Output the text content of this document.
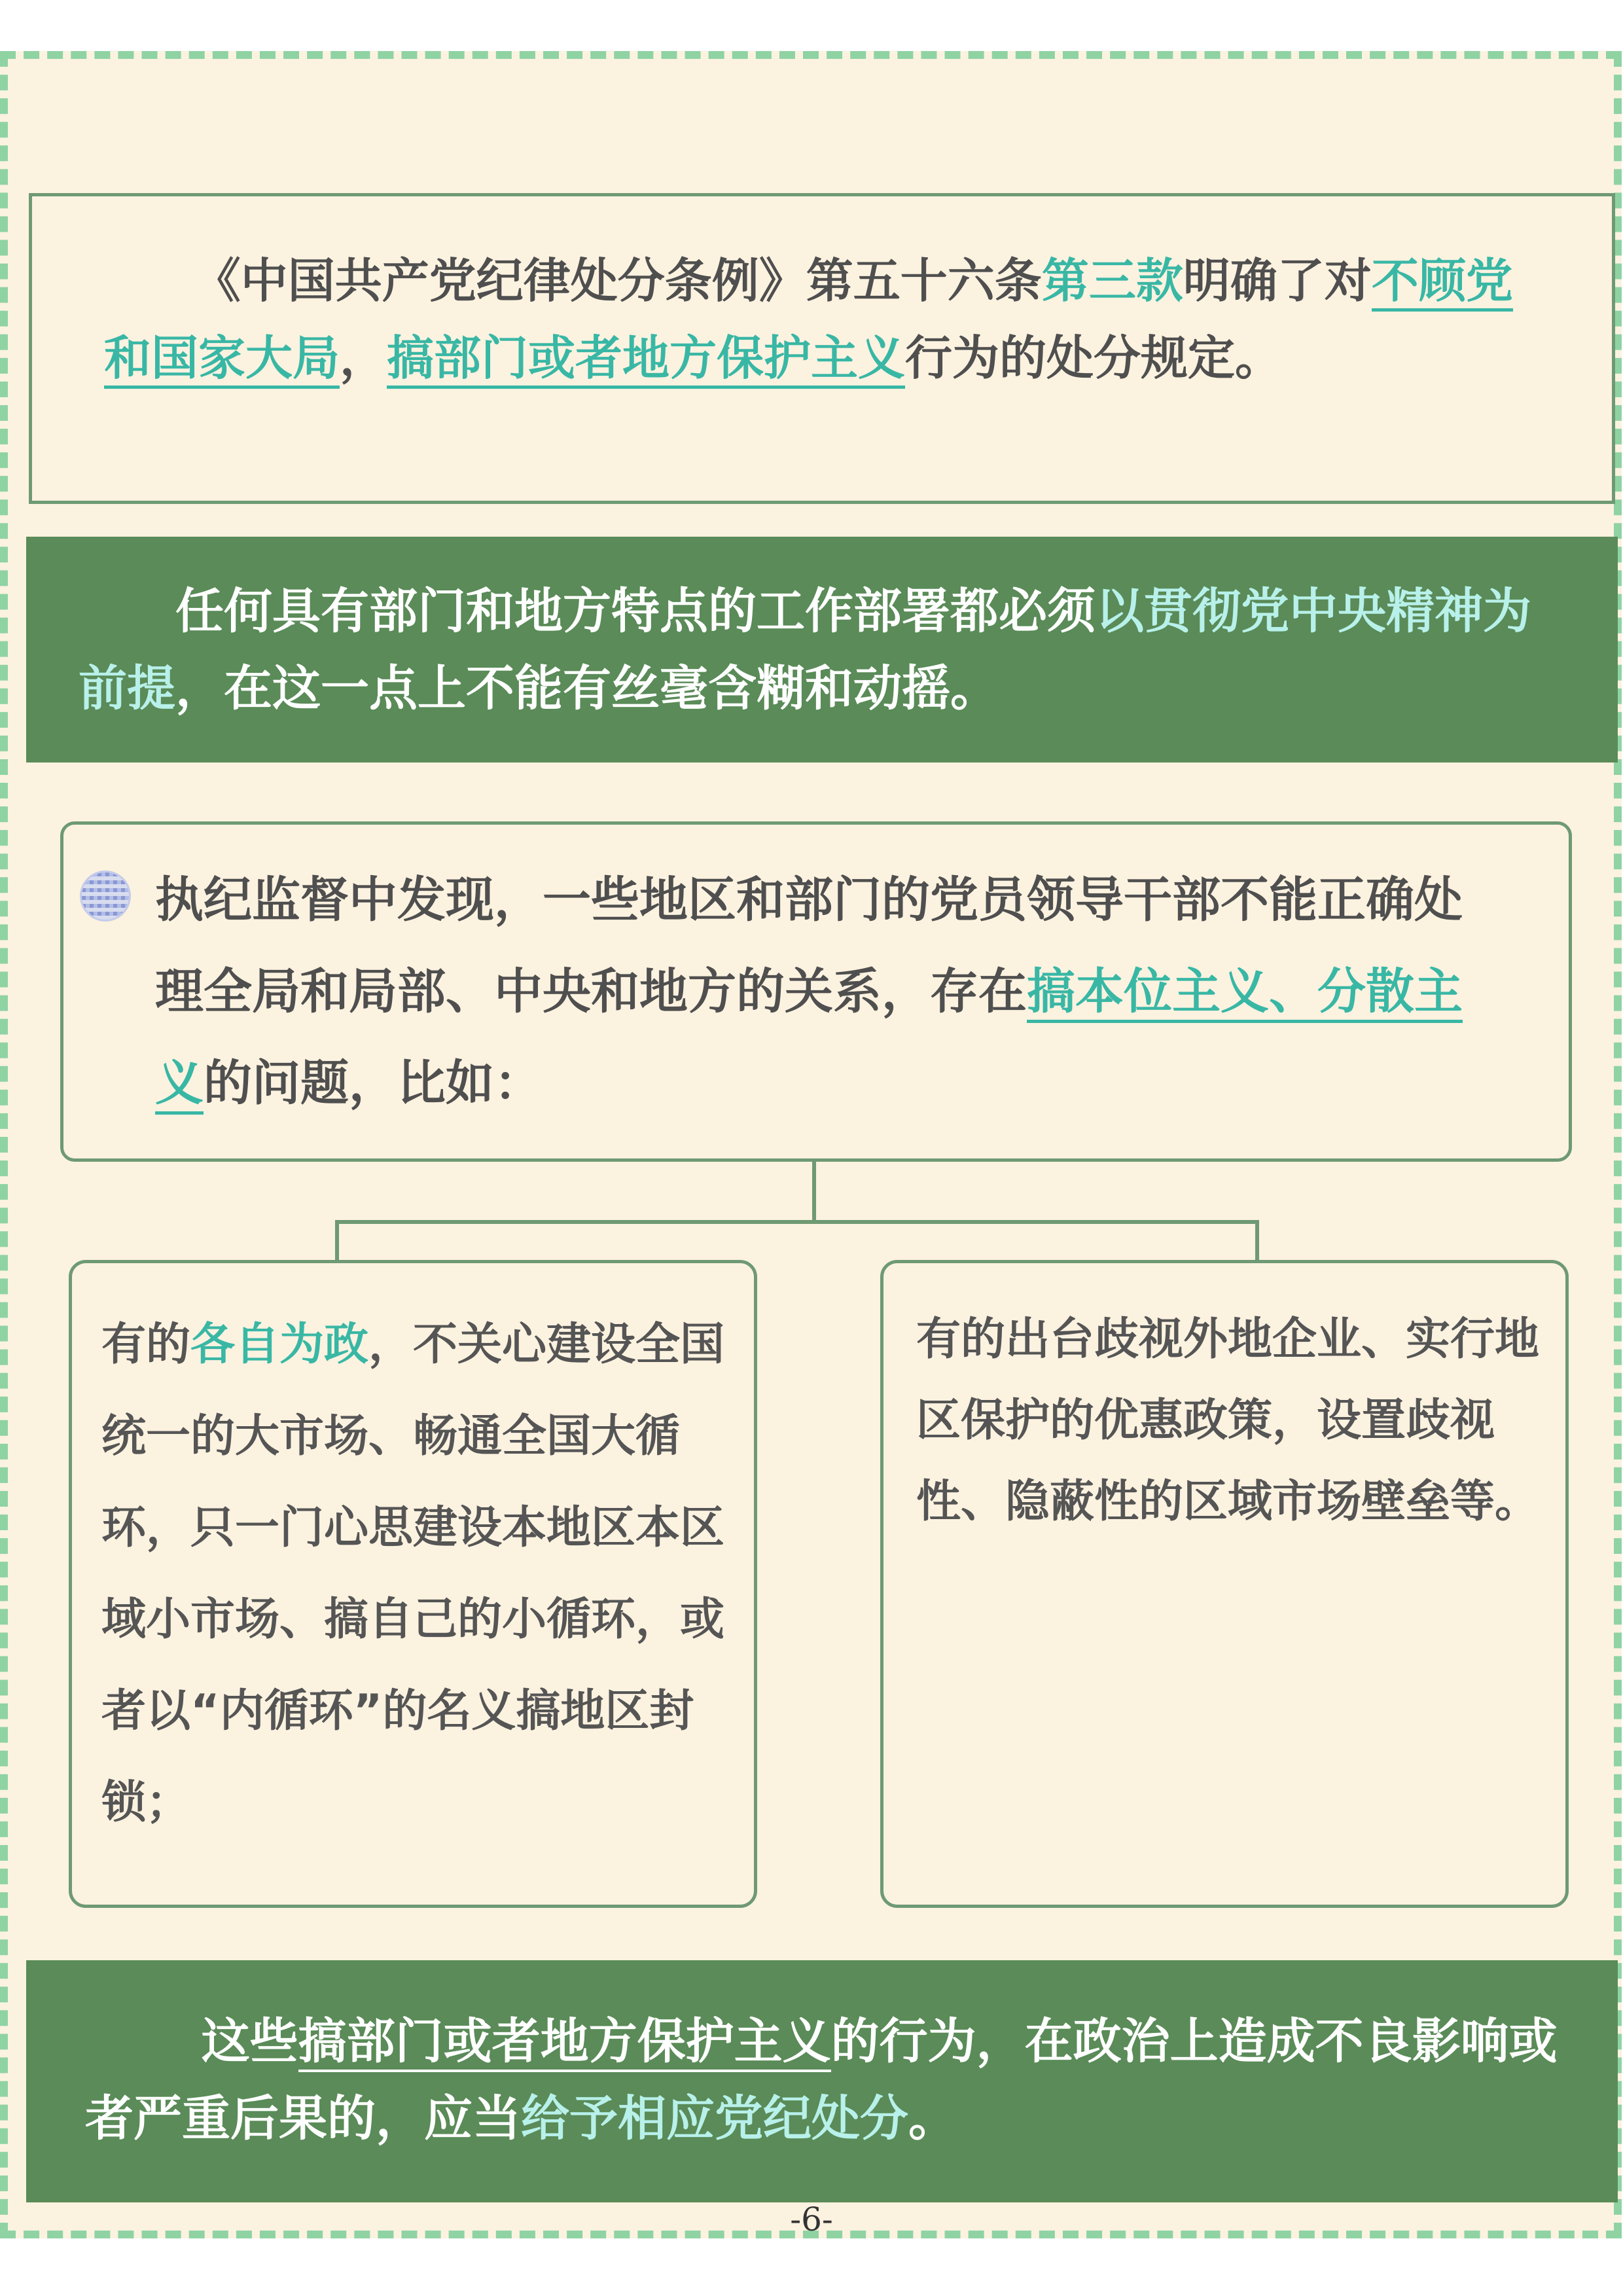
《中国共产党纪律处分条例》第五十六条第三款明确了对不顾党和国家大局，搞部门或者地方保护主义行为的处分规定。

任何具有部门和地方特点的工作部署都必须以贯彻党中央精神为前提，在这一点上不能有丝毫含糊和动摇。

执纪监督中发现，一些地区和部门的党员领导干部不能正确处理全局和局部、中央和地方的关系，存在搞本位主义、分散主义的问题，比如：

有的各自为政，不关心建设全国统一的大市场、畅通全国大循环，只一门心思建设本地区本区域小市场、搞自己的小循环，或者以“内循环”的名义搞地区封锁；

有的出台歧视外地企业、实行地区保护的优惠政策，设置歧视性、隐蔽性的区域市场壁垒等。

这些搞部门或者地方保护主义的行为，在政治上造成不良影响或者严重后果的，应当给予相应党纪处分。

-6-
